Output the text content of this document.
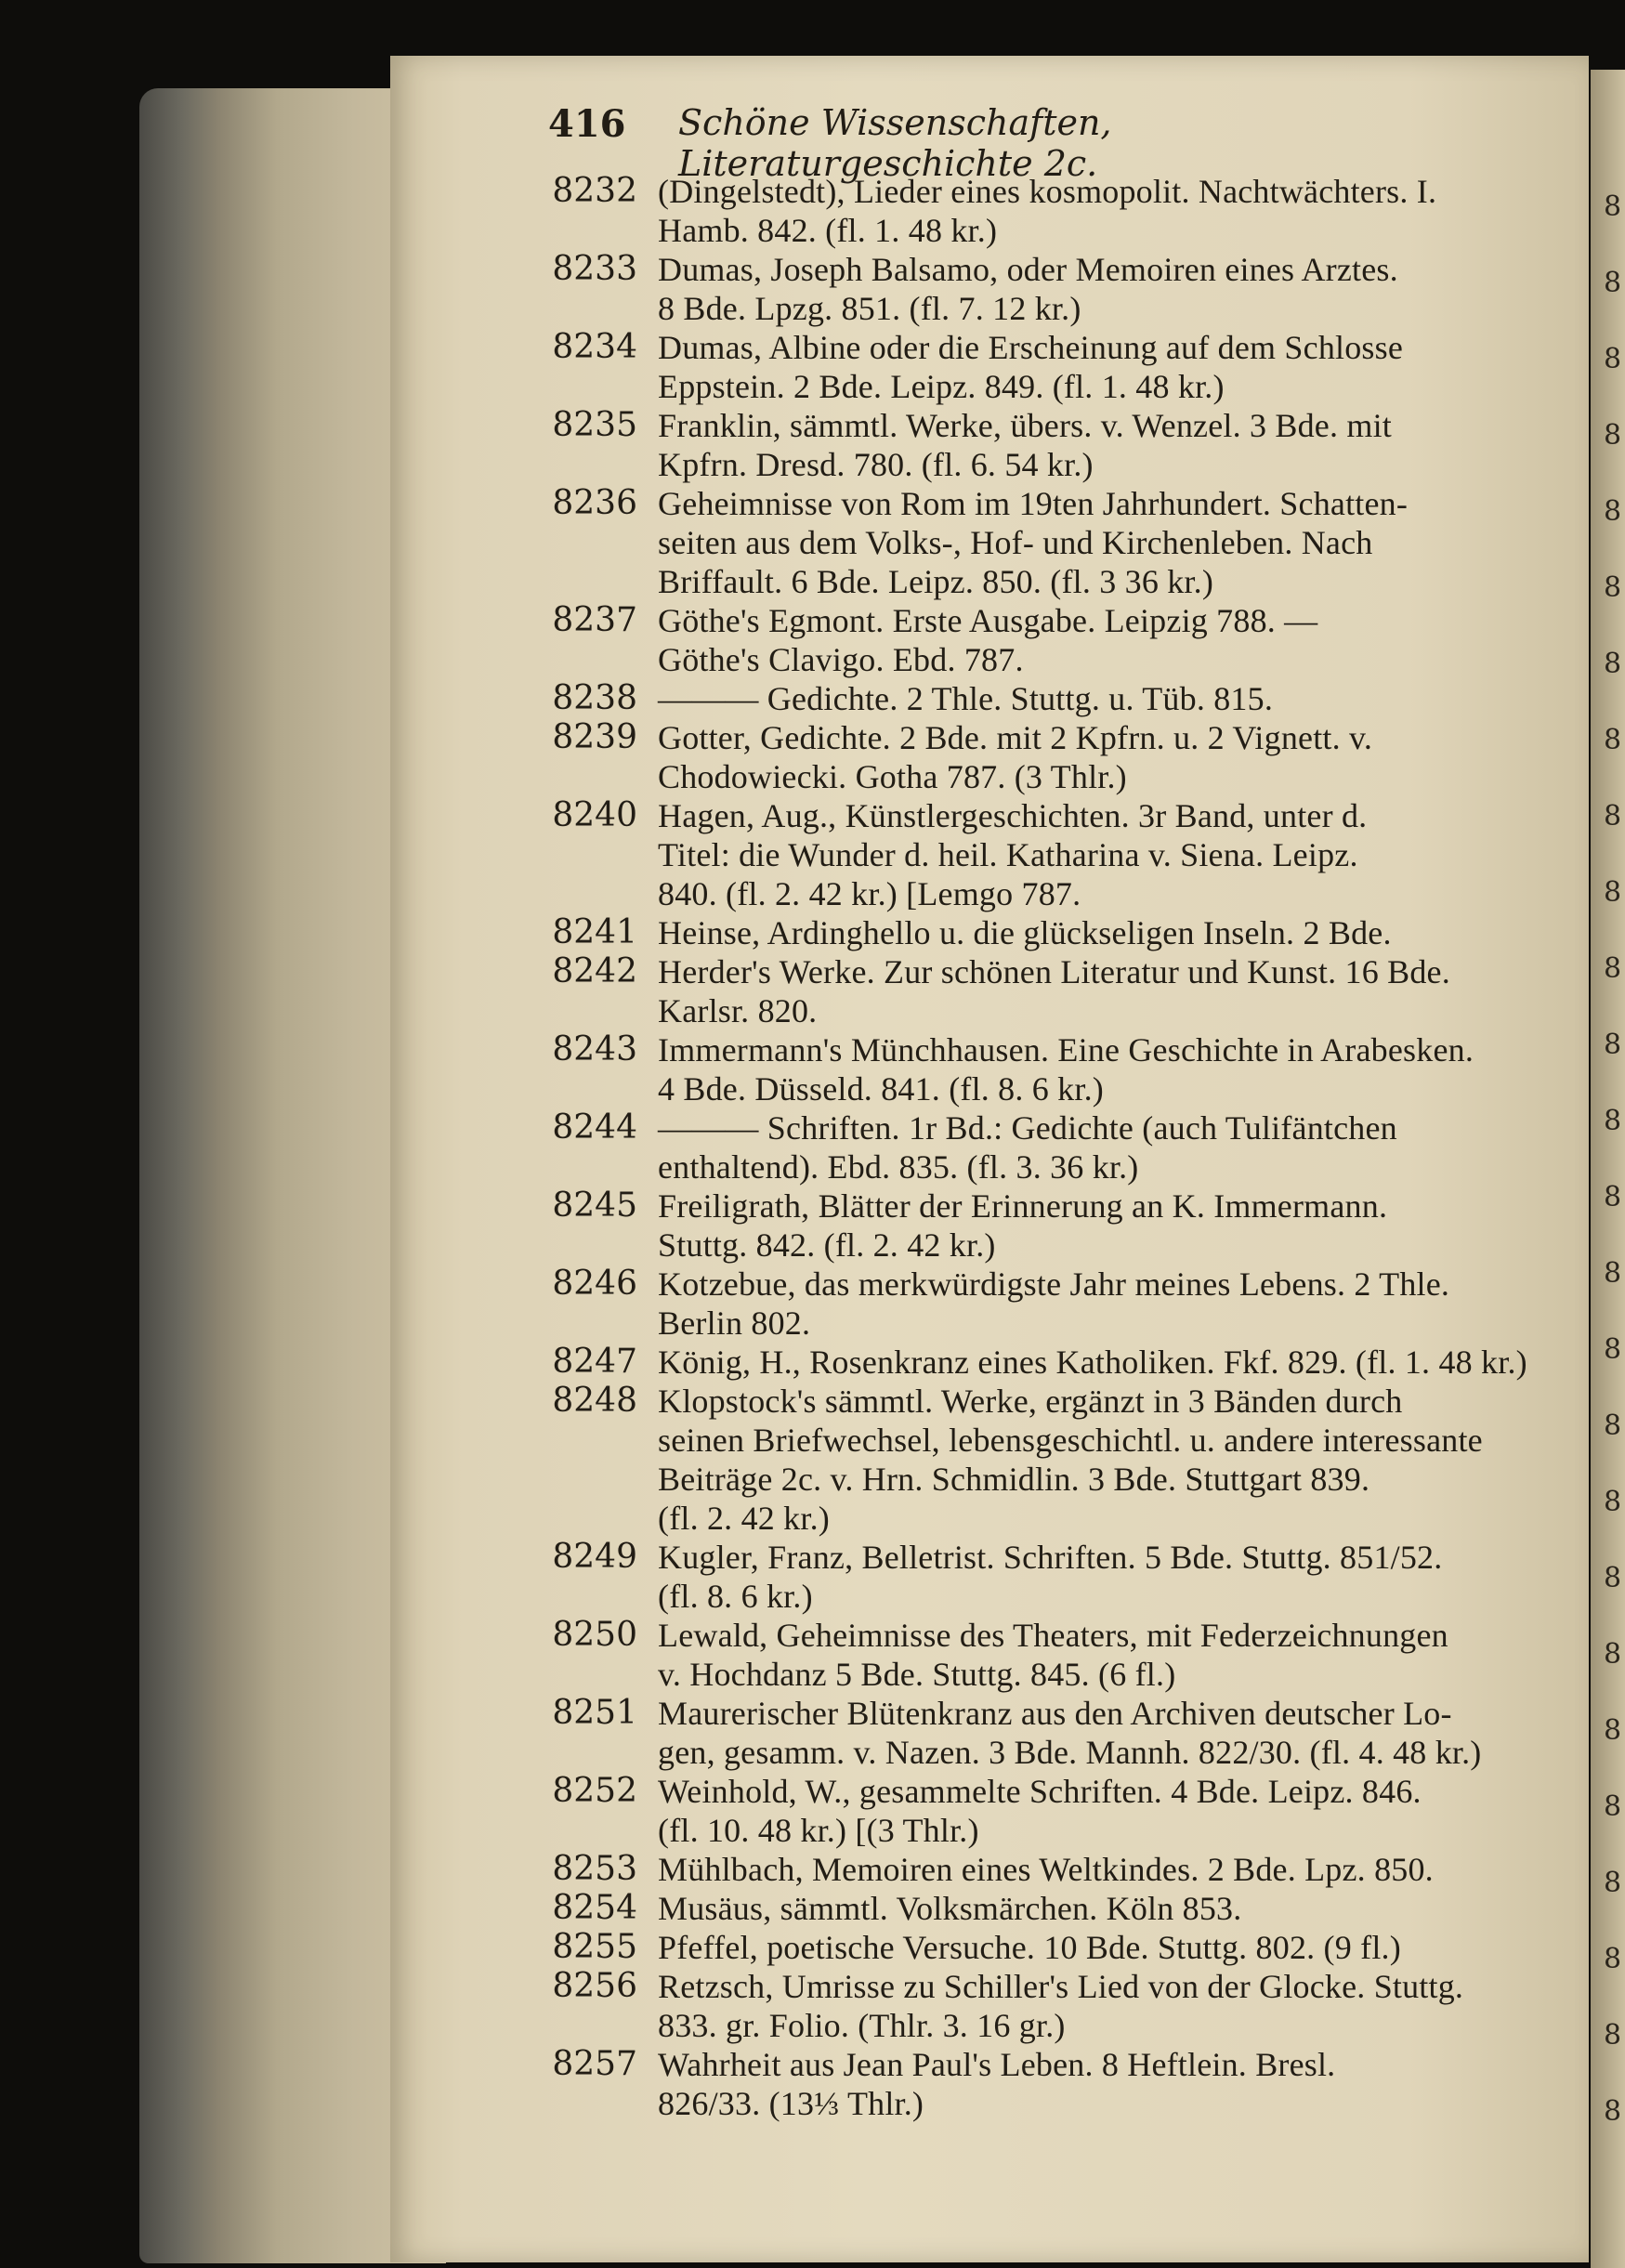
8
8
8
8
8
8
8
8
8
8
8
8
8
8
8
8
8
8
8
8
8
8
8
8
8
8
416 Schöne Wissenschaften, Literaturgeschichte 2c.
8232 (Dingelstedt), Lieder eines kosmopolit. Nachtwächters. I.
Hamb. 842. (fl. 1. 48 kr.)
8233 Dumas, Joseph Balsamo, oder Memoiren eines Arztes.
8 Bde. Lpzg. 851. (fl. 7. 12 kr.)
8234 Dumas, Albine oder die Erscheinung auf dem Schlosse
Eppstein. 2 Bde. Leipz. 849. (fl. 1. 48 kr.)
8235 Franklin, sämmtl. Werke, übers. v. Wenzel. 3 Bde. mit
Kpfrn. Dresd. 780. (fl. 6. 54 kr.)
8236 Geheimnisse von Rom im 19ten Jahrhundert. Schatten-
seiten aus dem Volks-, Hof- und Kirchenleben. Nach
Briffault. 6 Bde. Leipz. 850. (fl. 3 36 kr.)
8237 Göthe's Egmont. Erste Ausgabe. Leipzig 788. —
Göthe's Clavigo. Ebd. 787.
8238 ——— Gedichte. 2 Thle. Stuttg. u. Tüb. 815.
8239 Gotter, Gedichte. 2 Bde. mit 2 Kpfrn. u. 2 Vignett. v.
Chodowiecki. Gotha 787. (3 Thlr.)
8240 Hagen, Aug., Künstlergeschichten. 3r Band, unter d.
Titel: die Wunder d. heil. Katharina v. Siena. Leipz.
840. (fl. 2. 42 kr.) [Lemgo 787.
8241 Heinse, Ardinghello u. die glückseligen Inseln. 2 Bde.
8242 Herder's Werke. Zur schönen Literatur und Kunst. 16 Bde.
Karlsr. 820.
8243 Immermann's Münchhausen. Eine Geschichte in Arabesken.
4 Bde. Düsseld. 841. (fl. 8. 6 kr.)
8244 ——— Schriften. 1r Bd.: Gedichte (auch Tulifäntchen
enthaltend). Ebd. 835. (fl. 3. 36 kr.)
8245 Freiligrath, Blätter der Erinnerung an K. Immermann.
Stuttg. 842. (fl. 2. 42 kr.)
8246 Kotzebue, das merkwürdigste Jahr meines Lebens. 2 Thle.
Berlin 802.
8247 König, H., Rosenkranz eines Katholiken. Fkf. 829. (fl. 1. 48 kr.)
8248 Klopstock's sämmtl. Werke, ergänzt in 3 Bänden durch
seinen Briefwechsel, lebensgeschichtl. u. andere interessante
Beiträge 2c. v. Hrn. Schmidlin. 3 Bde. Stuttgart 839.
(fl. 2. 42 kr.)
8249 Kugler, Franz, Belletrist. Schriften. 5 Bde. Stuttg. 851/52.
(fl. 8. 6 kr.)
8250 Lewald, Geheimnisse des Theaters, mit Federzeichnungen
v. Hochdanz 5 Bde. Stuttg. 845. (6 fl.)
8251 Maurerischer Blütenkranz aus den Archiven deutscher Lo-
gen, gesamm. v. Nazen. 3 Bde. Mannh. 822/30. (fl. 4. 48 kr.)
8252 Weinhold, W., gesammelte Schriften. 4 Bde. Leipz. 846.
(fl. 10. 48 kr.) [(3 Thlr.)
8253 Mühlbach, Memoiren eines Weltkindes. 2 Bde. Lpz. 850.
8254 Musäus, sämmtl. Volksmärchen. Köln 853.
8255 Pfeffel, poetische Versuche. 10 Bde. Stuttg. 802. (9 fl.)
8256 Retzsch, Umrisse zu Schiller's Lied von der Glocke. Stuttg.
833. gr. Folio. (Thlr. 3. 16 gr.)
8257 Wahrheit aus Jean Paul's Leben. 8 Heftlein. Bresl.
826/33. (13⅓ Thlr.)
